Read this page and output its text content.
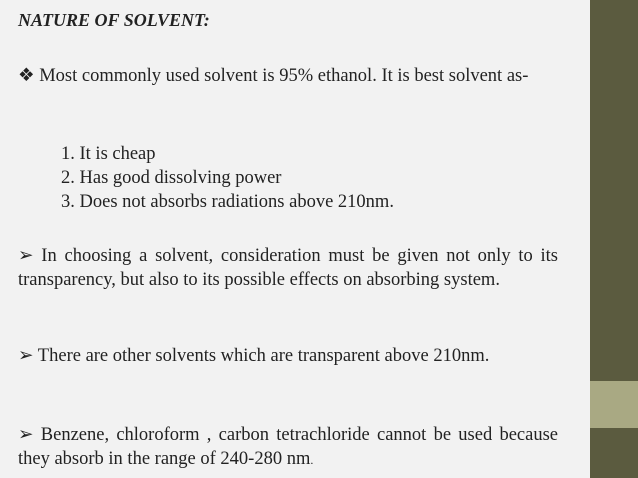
NATURE OF SOLVENT:
❖ Most commonly used solvent is 95% ethanol. It is best solvent as-
1. It is cheap
2. Has good dissolving power
3. Does not absorbs radiations above 210nm.
➢ In choosing a solvent, consideration must be given not only to its transparency, but also to its possible effects on absorbing system.
➢ There are other solvents which are transparent above 210nm.
➢ Benzene, chloroform , carbon tetrachloride cannot be used because they absorb in the range of 240-280 nm.
